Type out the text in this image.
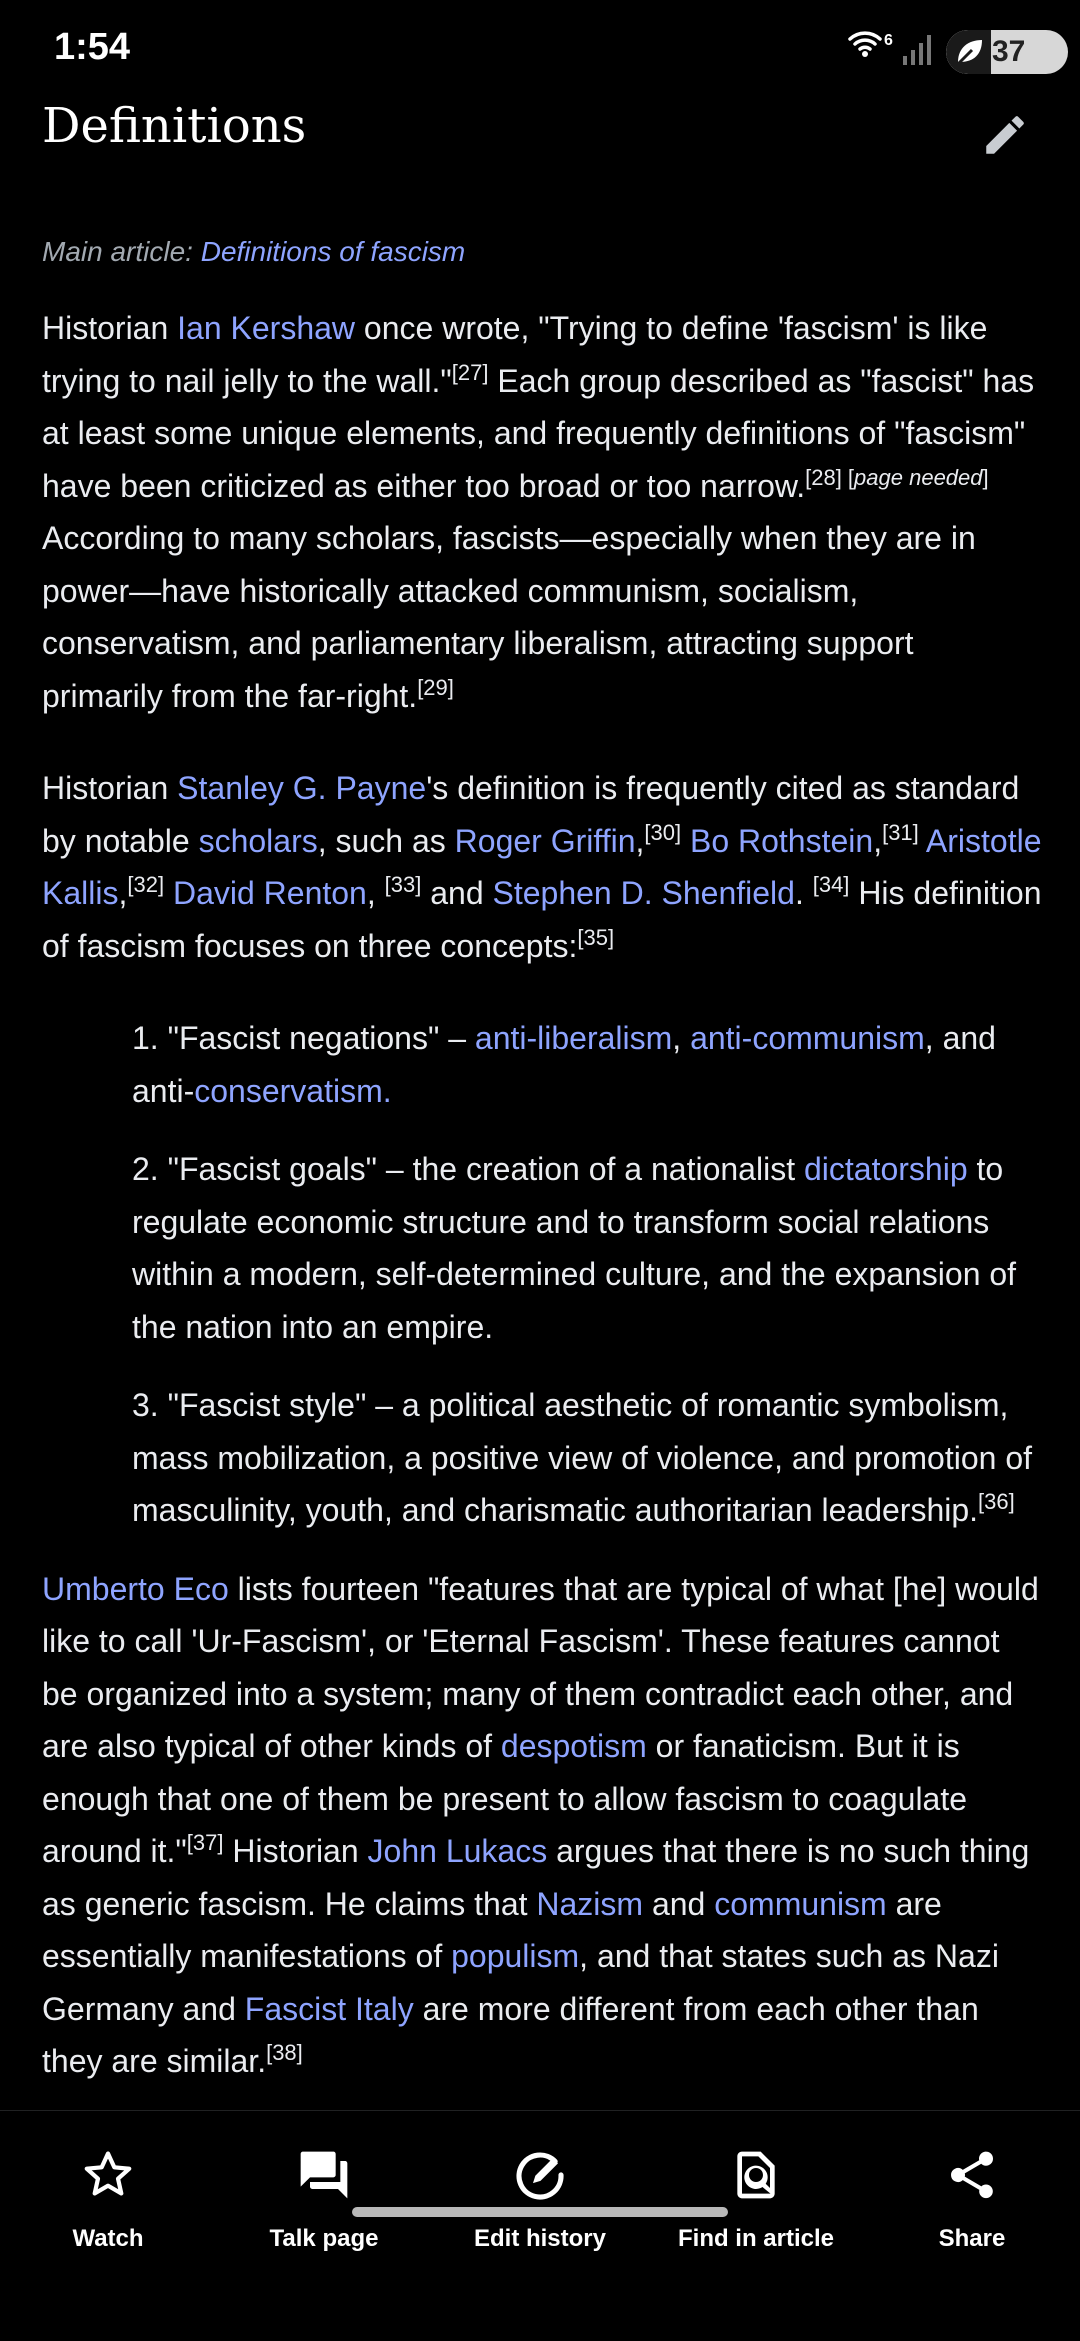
1:54	6	37
Definitions
Main article: Definitions of fascism

Historian Ian Kershaw once wrote, "Trying to define 'fascism' is like trying to nail jelly to the wall."[27] Each group described as "fascist" has at least some unique elements, and frequently definitions of "fascism" have been criticized as either too broad or too narrow.[28] [page needed] According to many scholars, fascists—especially when they are in power—have historically attacked communism, socialism, conservatism, and parliamentary liberalism, attracting support primarily from the far-right.[29]

Historian Stanley G. Payne's definition is frequently cited as standard by notable scholars, such as Roger Griffin,[30] Bo Rothstein,[31] Aristotle Kallis,[32] David Renton, [33] and Stephen D. Shenfield. [34] His definition of fascism focuses on three concepts:[35]

1. "Fascist negations" – anti-liberalism, anti-communism, and anti-conservatism.
2. "Fascist goals" – the creation of a nationalist dictatorship to regulate economic structure and to transform social relations within a modern, self-determined culture, and the expansion of the nation into an empire.
3. "Fascist style" – a political aesthetic of romantic symbolism, mass mobilization, a positive view of violence, and promotion of masculinity, youth, and charismatic authoritarian leadership.[36]

Umberto Eco lists fourteen "features that are typical of what [he] would like to call 'Ur-Fascism', or 'Eternal Fascism'. These features cannot be organized into a system; many of them contradict each other, and are also typical of other kinds of despotism or fanaticism. But it is enough that one of them be present to allow fascism to coagulate around it."[37] Historian John Lukacs argues that there is no such thing as generic fascism. He claims that Nazism and communism are essentially manifestations of populism, and that states such as Nazi Germany and Fascist Italy are more different from each other than they are similar.[38]

Watch	Talk page	Edit history	Find in article	Share
